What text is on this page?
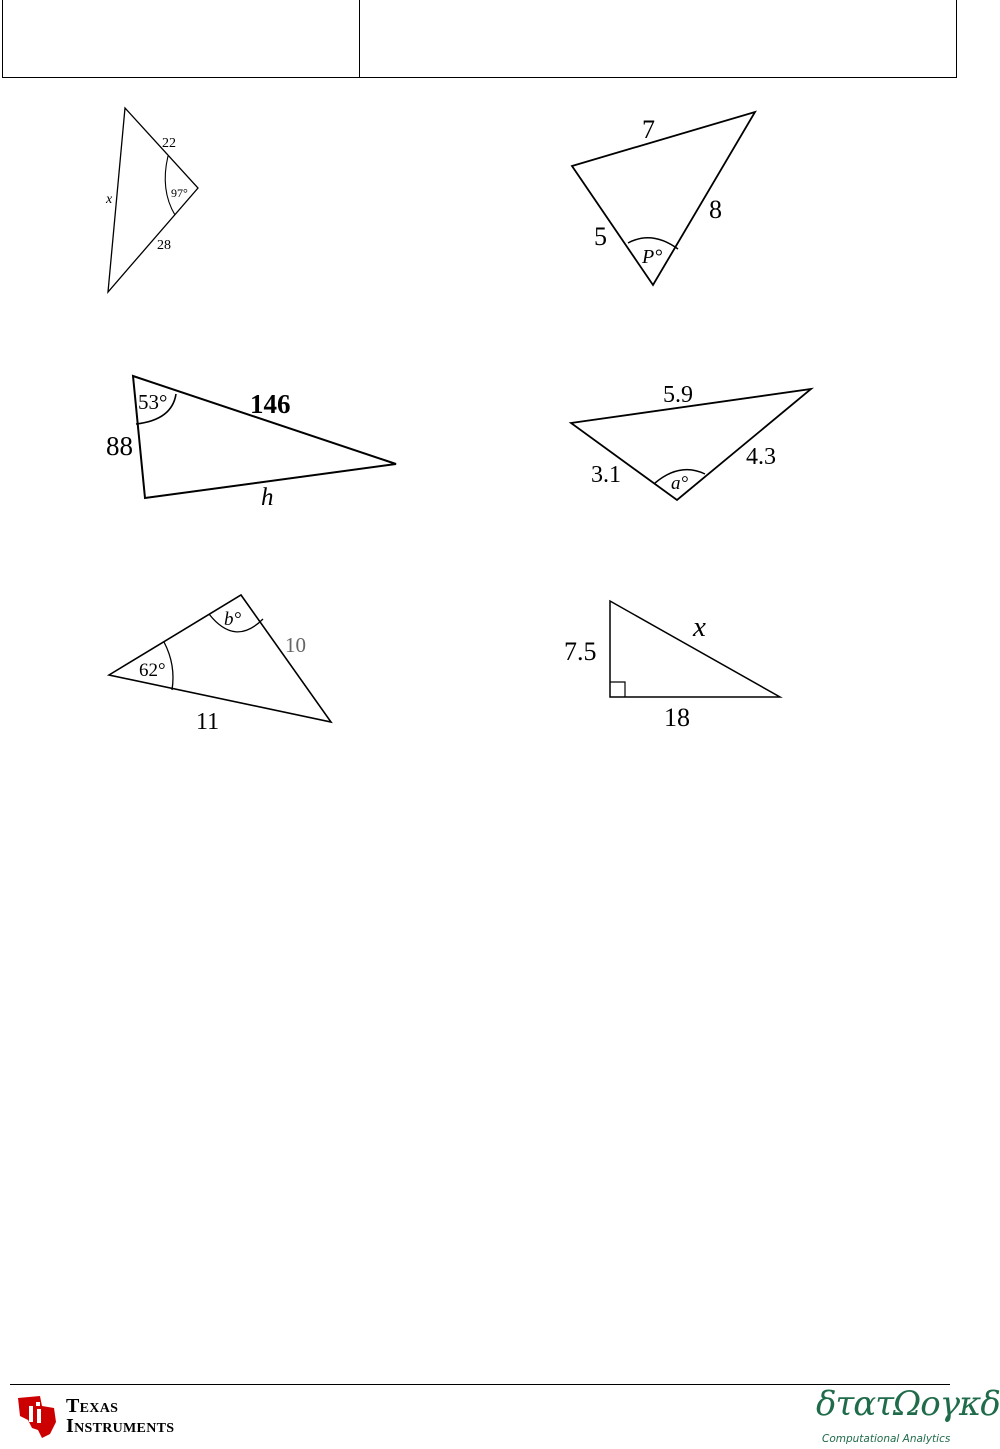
22
97°
x
28
7
5
8
P°
53°	146
88
h
5.9
3.1
4.3
a°
62°
b°
10
11
7.5
x
18
Texas
Instruments
δτατΩογκδ
Computational Analytics
